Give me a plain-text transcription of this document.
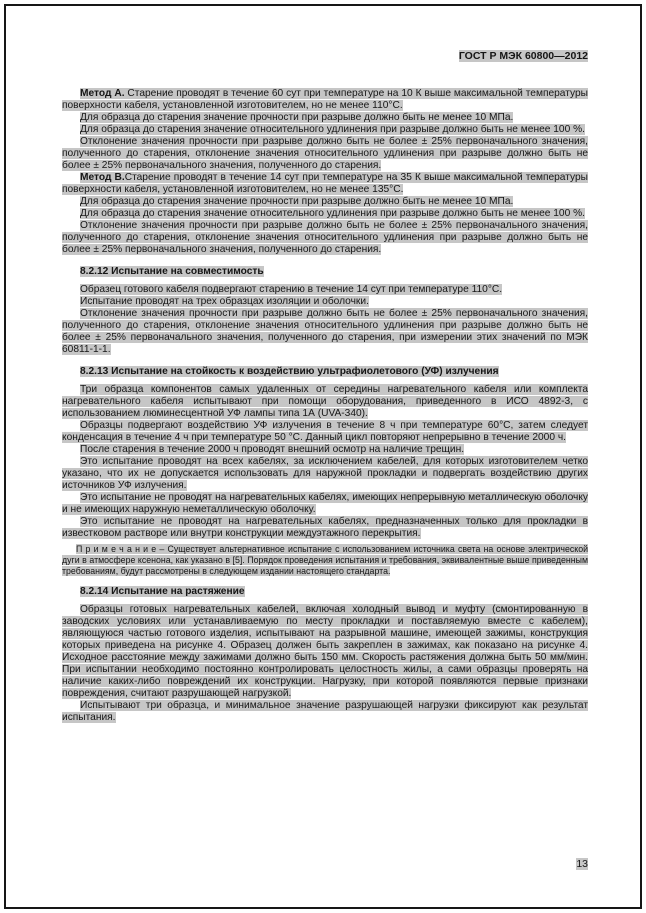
ГОСТ Р МЭК 60800—2012

Метод А. Старение проводят в течение 60 сут при температуре на 10 К выше максимальной температуры поверхности кабеля, установленной изготовителем, но не менее 110°С.

Для образца до старения значение прочности при разрыве должно быть не менее 10 МПа.

Для образца до старения значение относительного удлинения при разрыве должно быть не менее 100 %.

Отклонение значения прочности при разрыве должно быть не более ± 25% первоначального значения, полученного до старения, отклонение значения относительного удлинения при разрыве должно быть не более ± 25% первоначального значения, полученного до старения.

Метод В.Старение проводят в течение 14 сут при температуре на 35 К выше максимальной температуры поверхности кабеля, установленной изготовителем, но не менее 135°С.

Для образца до старения значение прочности при разрыве должно быть не менее 10 МПа.

Для образца до старения значение относительного удлинения при разрыве должно быть не менее 100 %.

Отклонение значения прочности при разрыве должно быть не более ± 25% первоначального значения, полученного до старения, отклонение значения относительного удлинения при разрыве должно быть не более ± 25% первоначального значения, полученного до старения.

8.2.12 Испытание на совместимость

Образец готового кабеля подвергают старению в течение 14 сут при температуре 110°С.

Испытание проводят на трех образцах изоляции и оболочки.

Отклонение значения прочности при разрыве должно быть не более ± 25% первоначального значения, полученного до старения, отклонение значения относительного удлинения при разрыве должно быть не более ± 25% первоначального значения, полученного до старения, при измерении этих значений по МЭК 60811-1-1.

8.2.13 Испытание на стойкость к воздействию ультрафиолетового (УФ) излучения

Три образца компонентов самых удаленных от середины нагревательного кабеля или комплекта нагревательного кабеля испытывают при помощи оборудования, приведенного в ИСО 4892-3, с использованием люминесцентной УФ лампы типа 1А (UVA-340).

Образцы подвергают воздействию УФ излучения в течение 8 ч при температуре 60°С, затем следует конденсация в течение 4 ч при температуре 50 °С. Данный цикл повторяют непрерывно в течение 2000 ч.

После старения в течение 2000 ч проводят внешний осмотр на наличие трещин.

Это испытание проводят на всех кабелях, за исключением кабелей, для которых изготовителем четко указано, что их не допускается использовать для наружной прокладки и подвергать воздействию других источников УФ излучения.

Это испытание не проводят на нагревательных кабелях, имеющих непрерывную металлическую оболочку и не имеющих наружную неметаллическую оболочку.

Это испытание не проводят на нагревательных кабелях, предназначенных только для прокладки в известковом растворе или внутри конструкции междуэтажного перекрытия.

П р и м е ч а н и е – Существует альтернативное испытание с использованием источника света на основе электрической дуги в атмосфере ксенона, как указано в [5]. Порядок проведения испытания и требования, эквивалентные выше приведенным требованиям, будут рассмотрены в следующем издании настоящего стандарта.

8.2.14 Испытание на растяжение

Образцы готовых нагревательных кабелей, включая холодный вывод и муфту (смонтированную в заводских условиях или устанавливаемую по месту прокладки и поставляемую вместе с кабелем), являющуюся частью готового изделия, испытывают на разрывной машине, имеющей зажимы, конструкция которых приведена на рисунке 4. Образец должен быть закреплен в зажимах, как показано на рисунке 4. Исходное расстояние между зажимами должно быть 150 мм. Скорость растяжения должна быть 50 мм/мин. При испытании необходимо постоянно контролировать целостность жилы, а сами образцы проверять на наличие каких-либо повреждений их конструкции. Нагрузку, при которой появляются первые признаки повреждения, считают разрушающей нагрузкой.

Испытывают три образца, и минимальное значение разрушающей нагрузки фиксируют как результат испытания.

13
